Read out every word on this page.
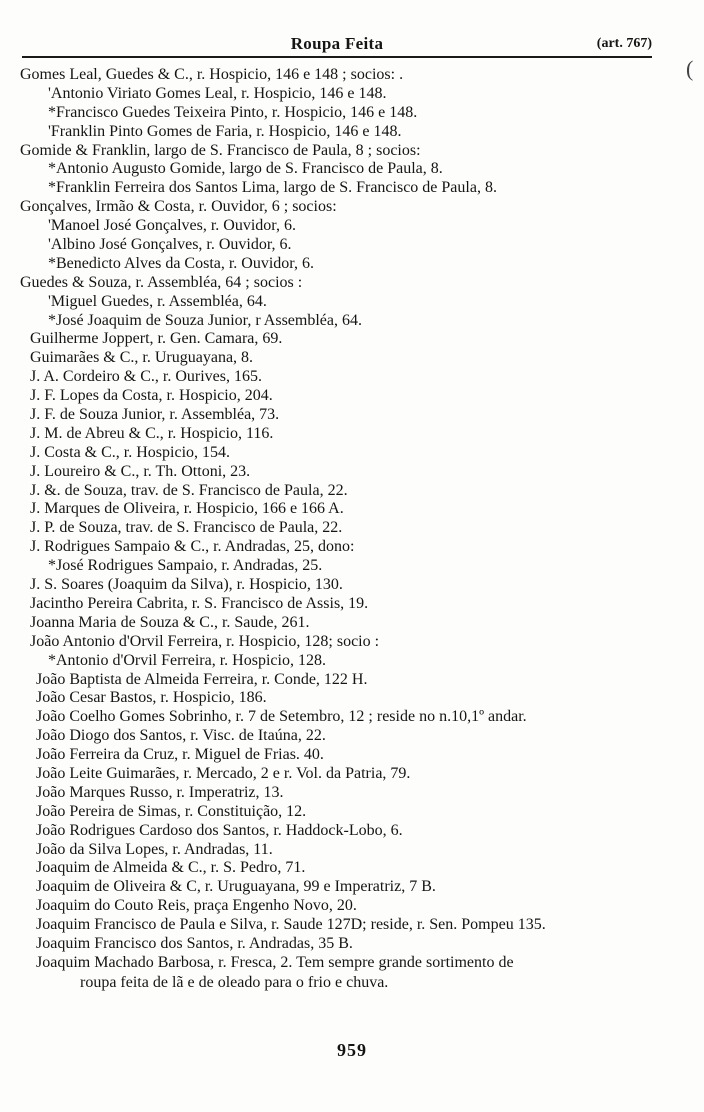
Roupa Feita	(art. 767)
(
Gomes Leal, Guedes & C., r. Hospicio, 146 e 148 ; socios: .
'Antonio Viriato Gomes Leal, r. Hospicio, 146 e 148.
*Francisco Guedes Teixeira Pinto, r. Hospicio, 146 e 148.
'Franklin Pinto Gomes de Faria, r. Hospicio, 146 e 148.
Gomide & Franklin, largo de S. Francisco de Paula, 8 ; socios:
*Antonio Augusto Gomide, largo de S. Francisco de Paula, 8.
*Franklin Ferreira dos Santos Lima, largo de S. Francisco de Paula, 8.
Gonçalves, Irmão & Costa, r. Ouvidor, 6 ; socios:
'Manoel José Gonçalves, r. Ouvidor, 6.
'Albino José Gonçalves, r. Ouvidor, 6.
*Benedicto Alves da Costa, r. Ouvidor, 6.
Guedes & Souza, r. Assembléa, 64 ; socios :
'Miguel Guedes, r. Assembléa, 64.
*José Joaquim de Souza Junior, r Assembléa, 64.
Guilherme Joppert, r. Gen. Camara, 69.
Guimarães & C., r. Uruguayana, 8.
J. A. Cordeiro & C., r. Ourives, 165.
J. F. Lopes da Costa, r. Hospicio, 204.
J. F. de Souza Junior, r. Assembléa, 73.
J. M. de Abreu & C., r. Hospicio, 116.
J. Costa & C., r. Hospicio, 154.
J. Loureiro & C., r. Th. Ottoni, 23.
J. &. de Souza, trav. de S. Francisco de Paula, 22.
J. Marques de Oliveira, r. Hospicio, 166 e 166 A.
J. P. de Souza, trav. de S. Francisco de Paula, 22.
J. Rodrigues Sampaio & C., r. Andradas, 25, dono:
*José Rodrigues Sampaio, r. Andradas, 25.
J. S. Soares (Joaquim da Silva), r. Hospicio, 130.
Jacintho Pereira Cabrita, r. S. Francisco de Assis, 19.
Joanna Maria de Souza & C., r. Saude, 261.
João Antonio d'Orvil Ferreira, r. Hospicio, 128; socio :
*Antonio d'Orvil Ferreira, r. Hospicio, 128.
João Baptista de Almeida Ferreira, r. Conde, 122 H.
João Cesar Bastos, r. Hospicio, 186.
João Coelho Gomes Sobrinho, r. 7 de Setembro, 12 ; reside no n.10,1º andar.
João Diogo dos Santos, r. Visc. de Itaúna, 22.
João Ferreira da Cruz, r. Miguel de Frias. 40.
João Leite Guimarães, r. Mercado, 2 e r. Vol. da Patria, 79.
João Marques Russo, r. Imperatriz, 13.
João Pereira de Simas, r. Constituição, 12.
João Rodrigues Cardoso dos Santos, r. Haddock-Lobo, 6.
João da Silva Lopes, r. Andradas, 11.
Joaquim de Almeida & C., r. S. Pedro, 71.
Joaquim de Oliveira & C, r. Uruguayana, 99 e Imperatriz, 7 B.
Joaquim do Couto Reis, praça Engenho Novo, 20.
Joaquim Francisco de Paula e Silva, r. Saude 127D; reside, r. Sen. Pompeu 135.
Joaquim Francisco dos Santos, r. Andradas, 35 B.
Joaquim Machado Barbosa, r. Fresca, 2. Tem sempre grande sortimento de
roupa feita de lã e de oleado para o frio e chuva.
959
